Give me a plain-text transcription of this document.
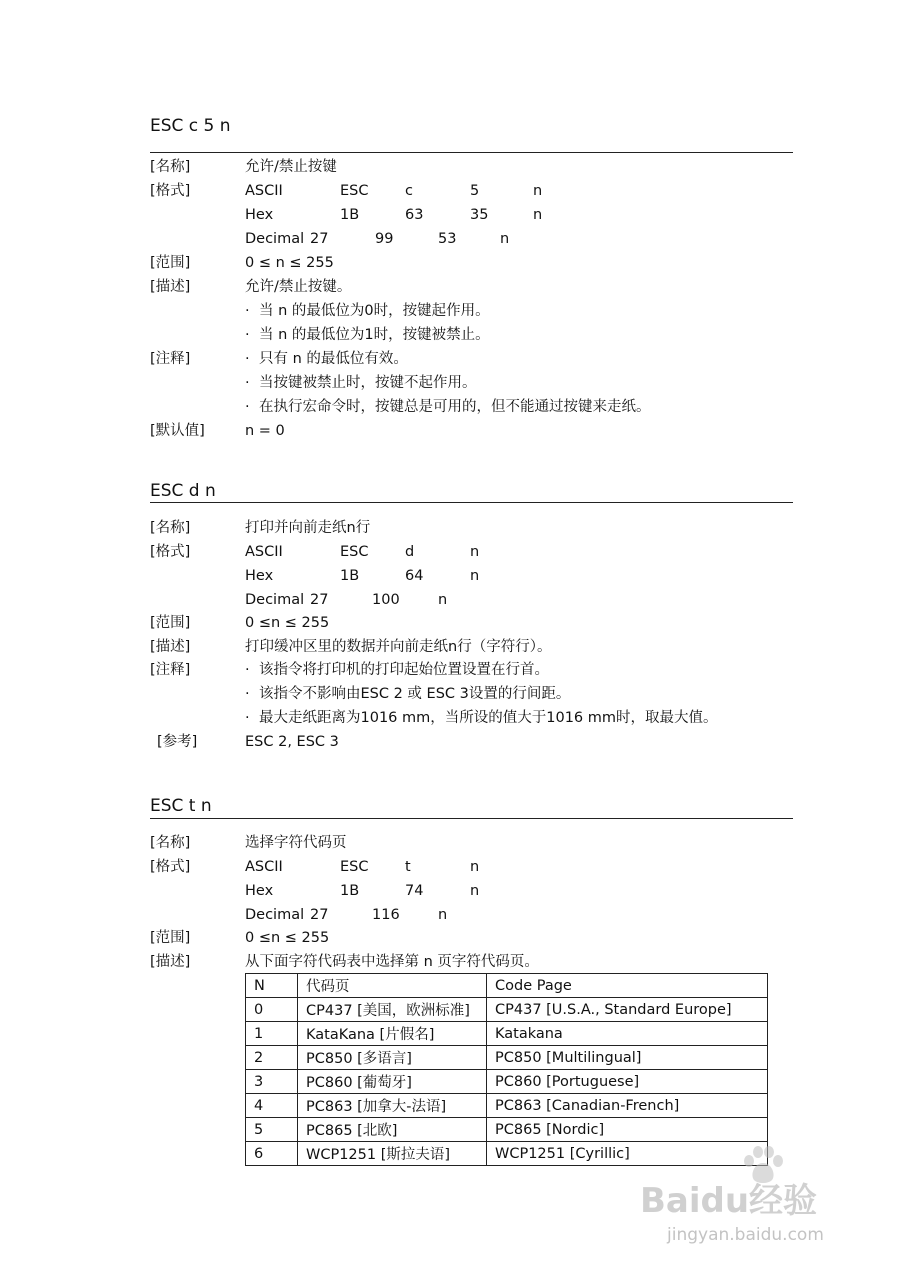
ESC c 5 n
[名称]	允许/禁止按键
[格式]	ASCII	ESC	c	5	n
Hex	1B	63	35	n
Decimal 27	99	53	n
[范围]	0 ≤ n ≤ 255
[描述]	允许/禁止按键。
· 当 n 的最低位为0时，按键起作用。
· 当 n 的最低位为1时，按键被禁止。
[注释]	· 只有 n 的最低位有效。
· 当按键被禁止时，按键不起作用。
· 在执行宏命令时，按键总是可用的，但不能通过按键来走纸。
[默认值]	n = 0
ESC d n
[名称]	打印并向前走纸n行
[格式]	ASCII	ESC	d	n
Hex	1B	64	n
Decimal 27	100	n
[范围]	0 ≤n ≤ 255
[描述]	打印缓冲区里的数据并向前走纸n行（字符行）。
[注释]	· 该指令将打印机的打印起始位置设置在行首。
· 该指令不影响由ESC 2 或 ESC 3设置的行间距。
· 最大走纸距离为1016 mm，当所设的值大于1016 mm时，取最大值。
[参考]	ESC 2, ESC 3
ESC t n
[名称]	选择字符代码页
[格式]	ASCII	ESC	t	n
Hex	1B	74	n
Decimal 27	116	n
[范围]	0 ≤n ≤ 255
[描述]	从下面字符代码表中选择第 n 页字符代码页。
N	代码页	Code Page
0	CP437 [美国，欧洲标准]	CP437 [U.S.A., Standard Europe]
1	KataKana [片假名]	Katakana
2	PC850 [多语言]	PC850 [Multilingual]
3	PC860 [葡萄牙]	PC860 [Portuguese]
4	PC863 [加拿大-法语]	PC863 [Canadian-French]
5	PC865 [北欧]	PC865 [Nordic]
6	WCP1251 [斯拉夫语]	WCP1251 [Cyrillic]
Baidu经验
jingyan.baidu.com
